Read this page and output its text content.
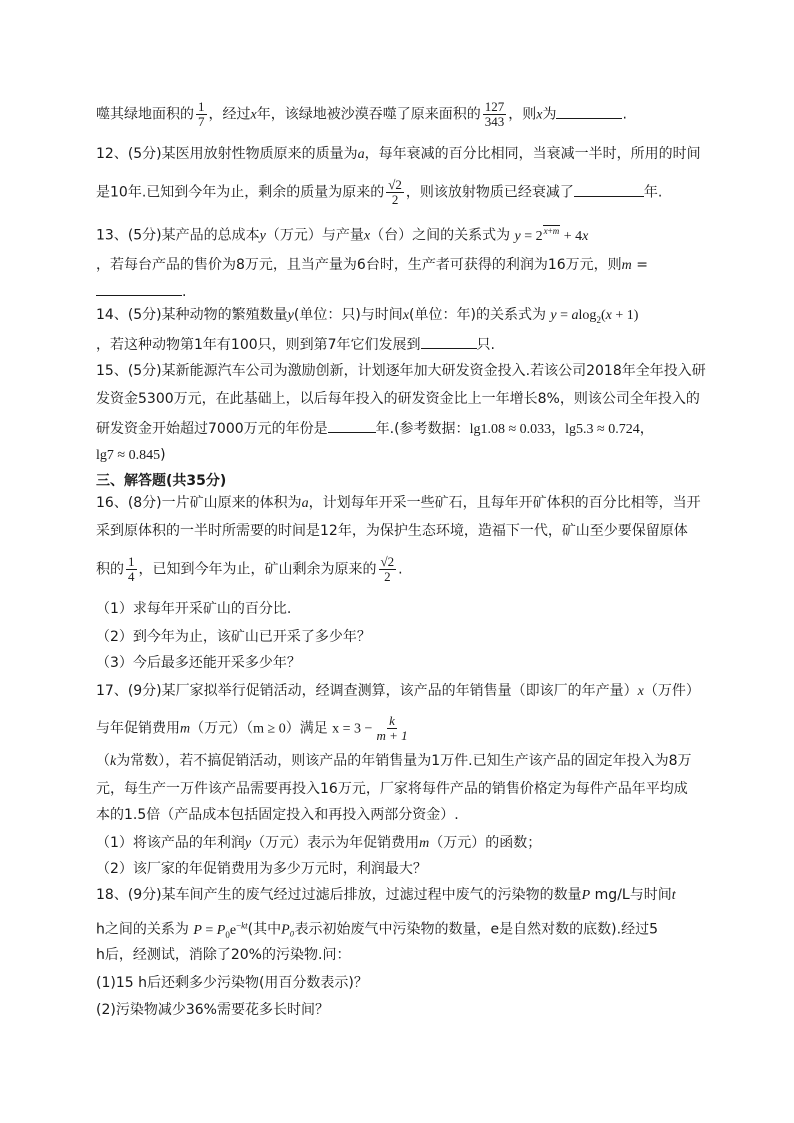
噬其绿地面积的 $\frac{1}{7}$ ，经过x年，该绿地被沙漠吞噬了原来面积的 $\frac{127}{343}$ ，则x为	.
12、(5分)某医用放射性物质原来的质量为a，每年衰减的百分比相同，当衰减一半时，所用的时间
是10年.已知到今年为止，剩余的质量为原来的 $\frac{√2}{2}$ ，则该放射物质已经衰减了	年.
13、(5分)某产品的总成本y（万元）与产量x（台）之间的关系式为 $y = 2^{x+m} + 4x$
，若每台产品的售价为8万元，且当产量为6台时，生产者可获得的利润为16万元，则m =
.
14、(5分)某种动物的繁殖数量y(单位：只)与时间x(单位：年)的关系式为 y = alog$_2$(x + 1)
，若这种动物第1年有100只，则到第7年它们发展到	只.
15、(5分)某新能源汽车公司为激励创新，计划逐年加大研发资金投入.若该公司2018年全年投入研
发资金5300万元，在此基础上，以后每年投入的研发资金比上一年增长8%，则该公司全年投入的
研发资金开始超过7000万元的年份是	年.(参考数据：lg1.08 ≈ 0.033，lg5.3 ≈ 0.724，
lg7 ≈ 0.845)
三、解答题(共35分)
16、(8分)一片矿山原来的体积为a，计划每年开采一些矿石，且每年开矿体积的百分比相等，当开
采到原体积的一半时所需要的时间是12年，为保护生态环境，造福下一代，矿山至少要保留原体
积的 $\frac{1}{4}$ ，已知到今年为止，矿山剩余为原来的 $\frac{√2}{2}$ .
（1）求每年开采矿山的百分比.
（2）到今年为止，该矿山已开采了多少年？
（3）今后最多还能开采多少年？
17、(9分)某厂家拟举行促销活动，经调查测算，该产品的年销售量（即该厂的年产量）x（万件）
与年促销费用m（万元）（m ≥ 0）满足 $x = 3 - \frac{k}{m + 1}$
（k为常数），若不搞促销活动，则该产品的年销售量为1万件.已知生产该产品的固定年投入为8万
元，每生产一万件该产品需要再投入16万元，厂家将每件产品的销售价格定为每件产品年平均成
本的1.5倍（产品成本包括固定投入和再投入两部分资金）.
（1）将该产品的年利润y（万元）表示为年促销费用m（万元）的函数；
（2）该厂家的年促销费用为多少万元时，利润最大？
18、(9分)某车间产生的废气经过过滤后排放，过滤过程中废气的污染物的数量P mg/L与时间t
h之间的关系为 $P = P_0e^{-kt}$(其中P₀表示初始废气中污染物的数量，e是自然对数的底数).经过5
h后，经测试，消除了20%的污染物.问：
(1)15 h后还剩多少污染物(用百分数表示)？
(2)污染物减少36%需要花多长时间？
